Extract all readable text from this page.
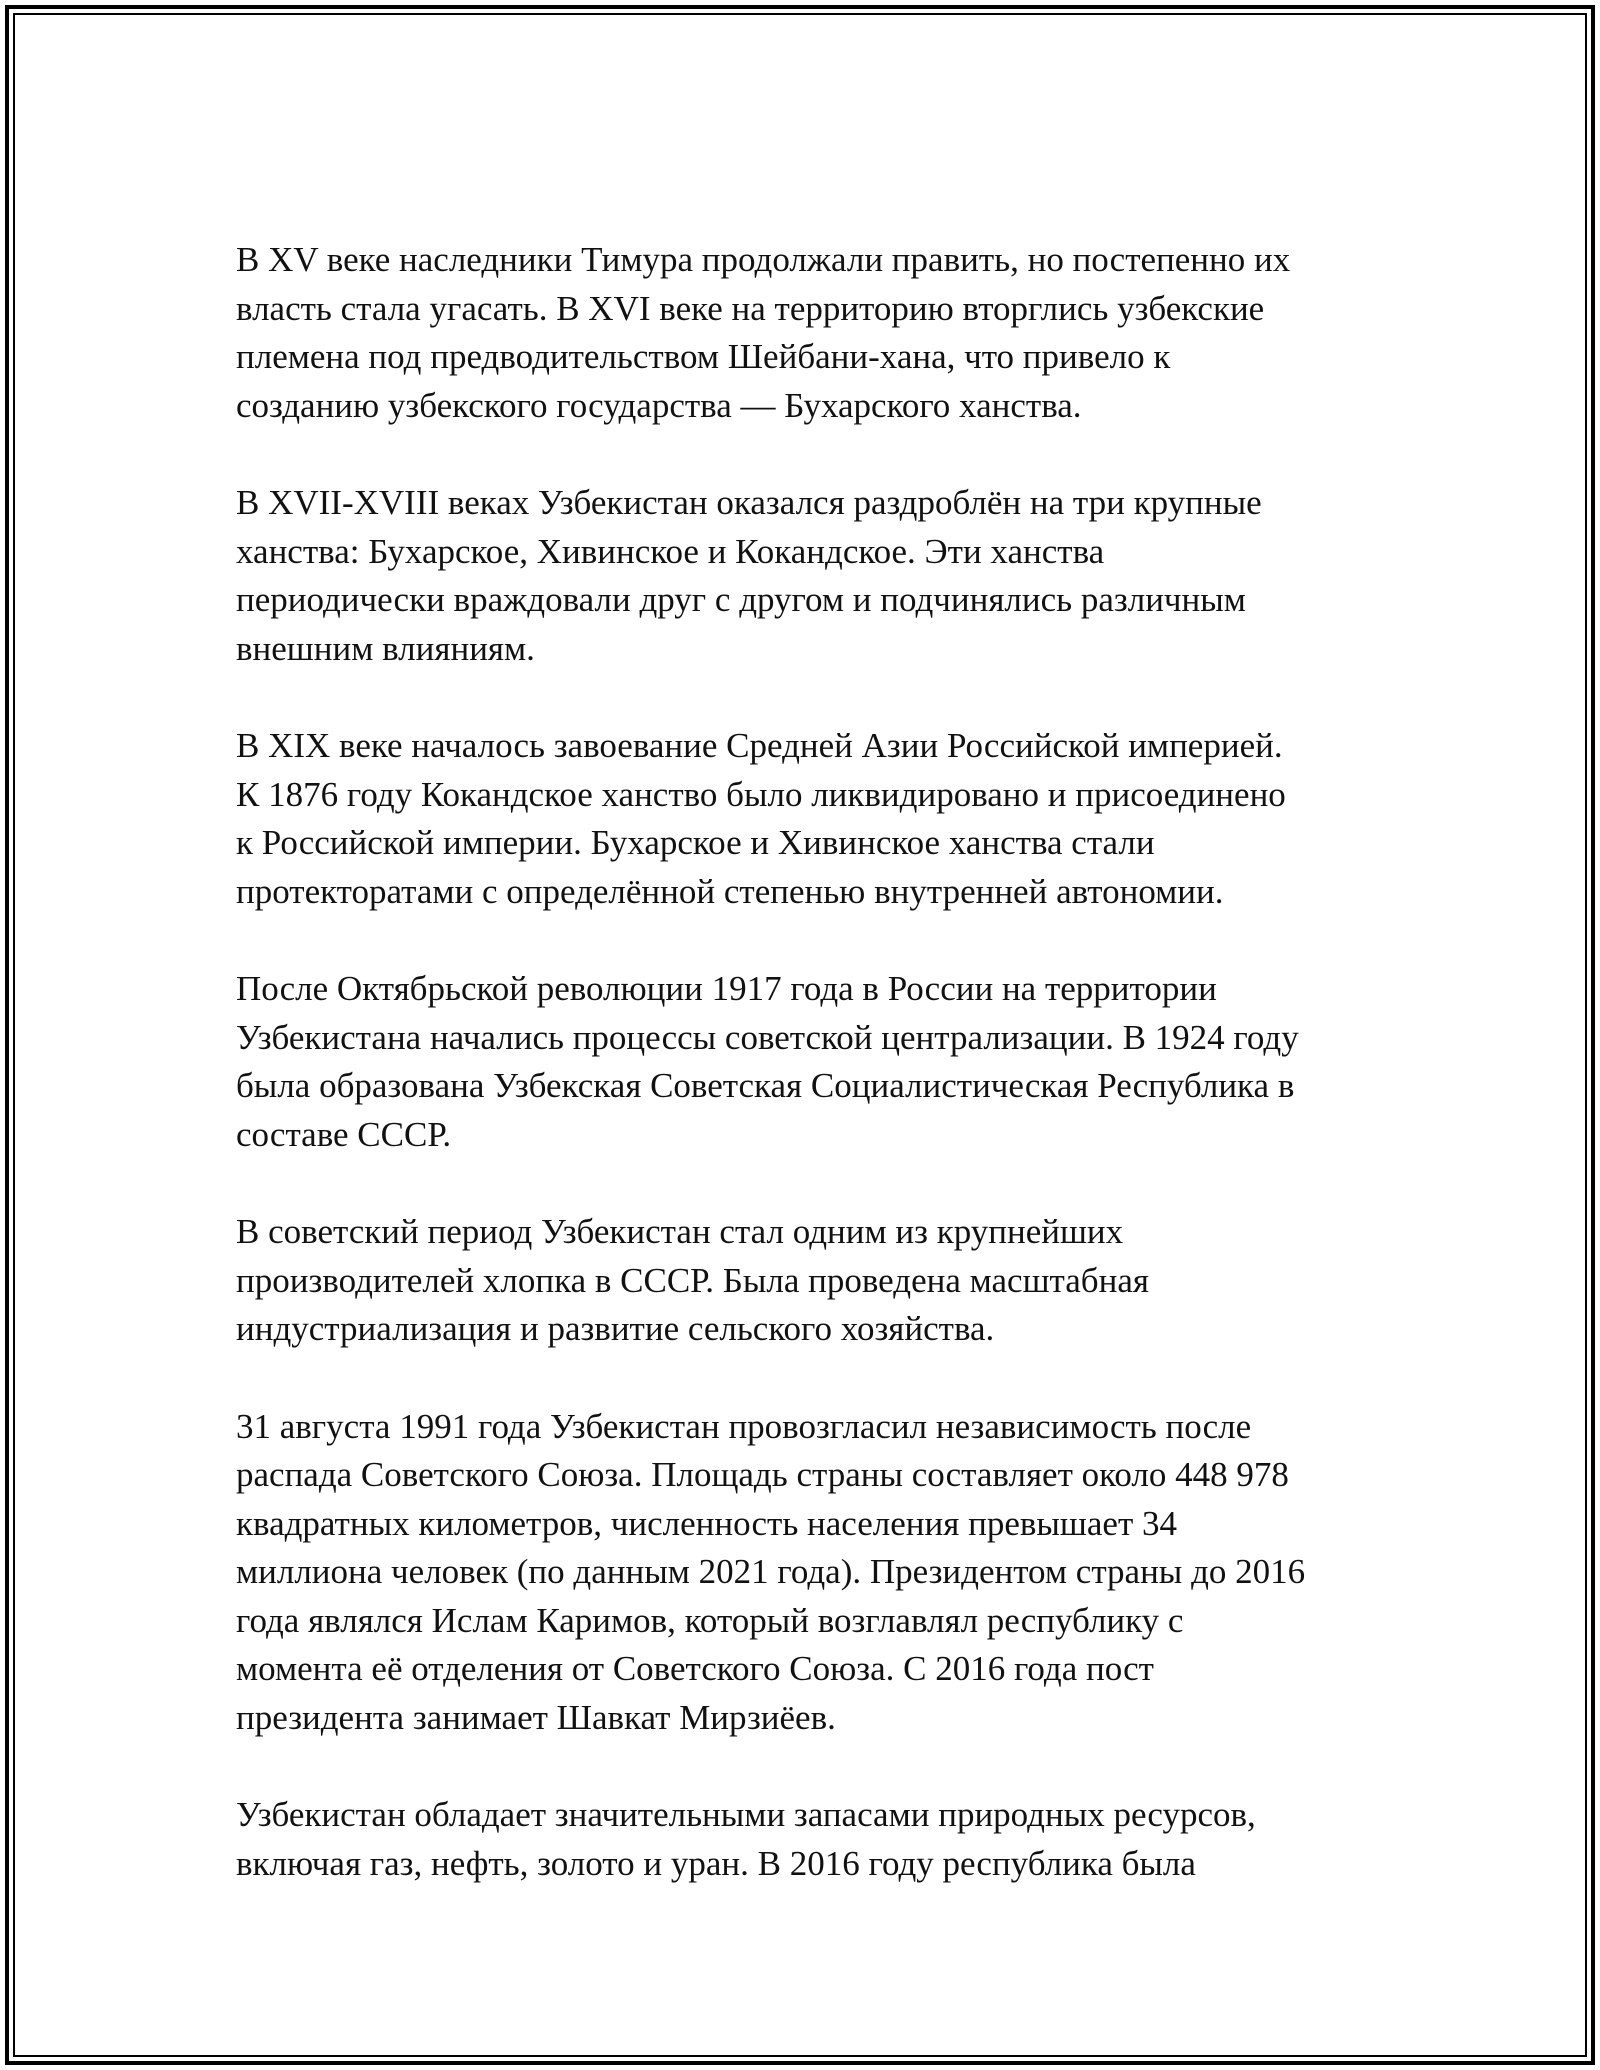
В XV веке наследники Тимура продолжали править, но постепенно их
власть стала угасать. В XVI веке на территорию вторглись узбекские
племена под предводительством Шейбани-хана, что привело к
созданию узбекского государства — Бухарского ханства.

В XVII-XVIII веках Узбекистан оказался раздроблён на три крупные
ханства: Бухарское, Хивинское и Кокандское. Эти ханства
периодически враждовали друг с другом и подчинялись различным
внешним влияниям.

В XIX веке началось завоевание Средней Азии Российской империей.
К 1876 году Кокандское ханство было ликвидировано и присоединено
к Российской империи. Бухарское и Хивинское ханства стали
протекторатами с определённой степенью внутренней автономии.

После Октябрьской революции 1917 года в России на территории
Узбекистана начались процессы советской централизации. В 1924 году
была образована Узбекская Советская Социалистическая Республика в
составе СССР.

В советский период Узбекистан стал одним из крупнейших
производителей хлопка в СССР. Была проведена масштабная
индустриализация и развитие сельского хозяйства.

31 августа 1991 года Узбекистан провозгласил независимость после
распада Советского Союза. Площадь страны составляет около 448 978
квадратных километров, численность населения превышает 34
миллиона человек (по данным 2021 года). Президентом страны до 2016
года являлся Ислам Каримов, который возглавлял республику с
момента её отделения от Советского Союза. С 2016 года пост
президента занимает Шавкат Мирзиёев.

Узбекистан обладает значительными запасами природных ресурсов,
включая газ, нефть, золото и уран. В 2016 году республика была
